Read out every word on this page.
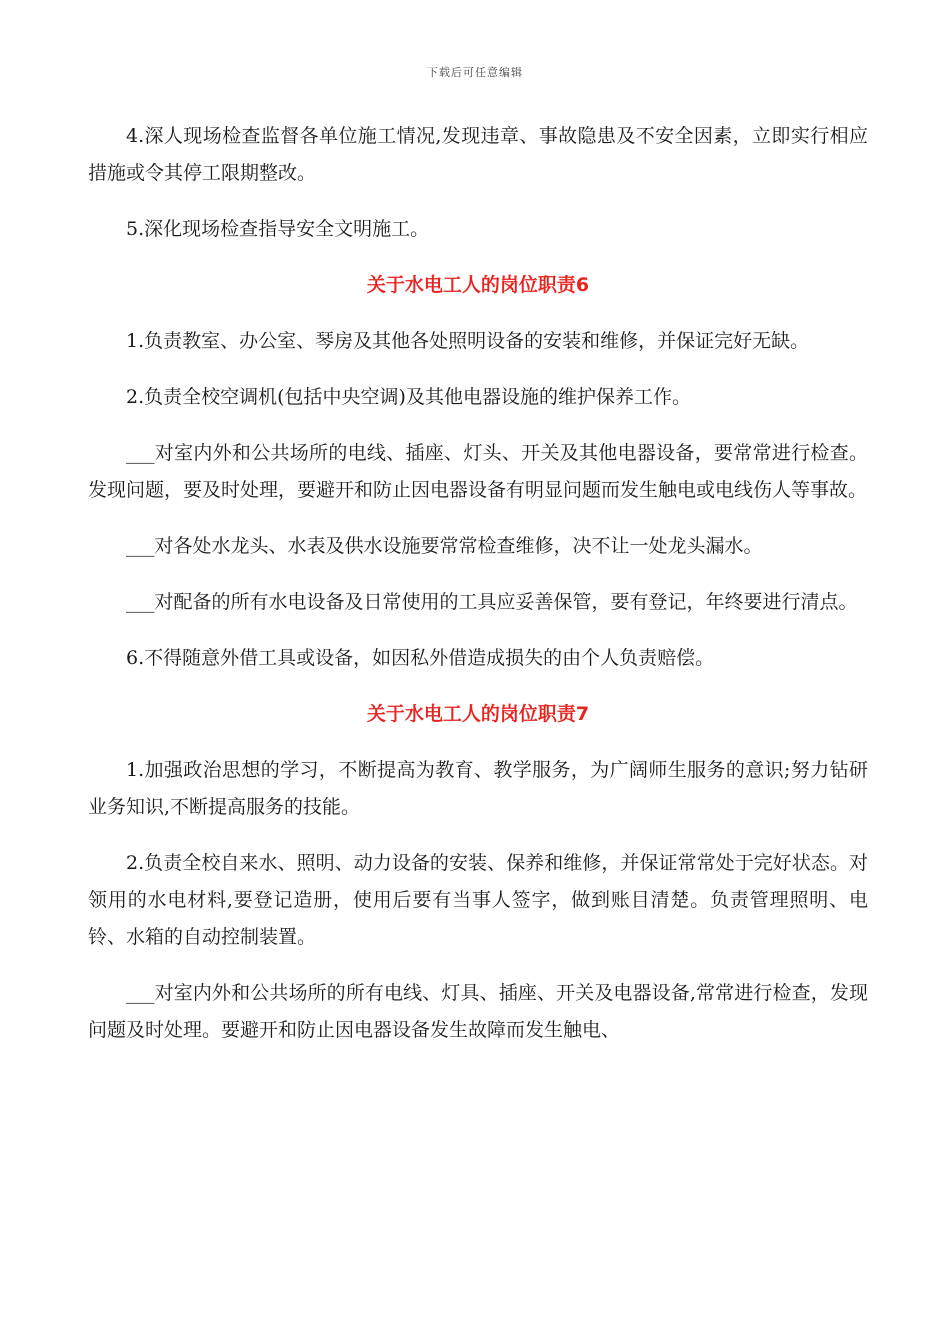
下载后可任意编辑

4.深人现场检查监督各单位施工情况,发现违章、事故隐患及不安全因素，立即实行相应措施或令其停工限期整改。

5.深化现场检查指导安全文明施工。

关于水电工人的岗位职责6

1.负责教室、办公室、琴房及其他各处照明设备的安装和维修，并保证完好无缺。

2.负责全校空调机(包括中央空调)及其他电器设施的维护保养工作。

___对室内外和公共场所的电线、插座、灯头、开关及其他电器设备，要常常进行检查。发现问题，要及时处理，要避开和防止因电器设备有明显问题而发生触电或电线伤人等事故。

___对各处水龙头、水表及供水设施要常常检查维修，决不让一处龙头漏水。

___对配备的所有水电设备及日常使用的工具应妥善保管，要有登记，年终要进行清点。

6.不得随意外借工具或设备，如因私外借造成损失的由个人负责赔偿。

关于水电工人的岗位职责7

1.加强政治思想的学习，不断提高为教育、教学服务，为广阔师生服务的意识;努力钻研业务知识,不断提高服务的技能。

2.负责全校自来水、照明、动力设备的安装、保养和维修，并保证常常处于完好状态。对领用的水电材料,要登记造册，使用后要有当事人签字，做到账目清楚。负责管理照明、电铃、水箱的自动控制装置。

___对室内外和公共场所的所有电线、灯具、插座、开关及电器设备,常常进行检查，发现问题及时处理。要避开和防止因电器设备发生故障而发生触电、
